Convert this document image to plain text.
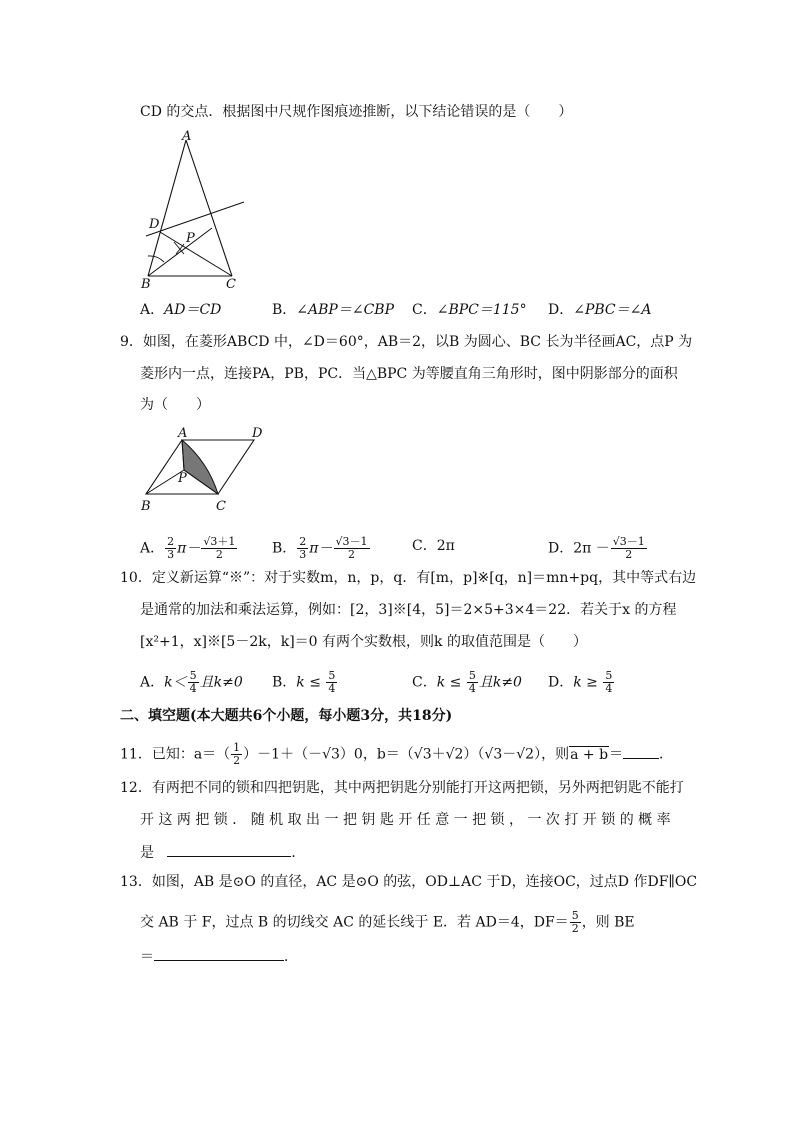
CD 的交点．根据图中尺规作图痕迹推断，以下结论错误的是（　　）
A
D
P
B	C
A．AD＝CD	B．∠ABP＝∠CBP C．∠BPC＝115° D．∠PBC＝∠A
9．如图，在菱形ABCD 中，∠D＝60°，AB＝2，以B 为圆心、BC 长为半径画AC，点P 为
菱形内一点，连接PA，PB，PC．当△BPC 为等腰直角三角形时，图中阴影部分的面积
为（　　）
A	D
P
B	C
A． $\frac{2}{3} \pi- \frac{√3+1}{2}$ B． $\frac{2}{3} \pi- \frac{√3-1}{2}$	C．2π	D．$2\pi - \frac{√3-1}{2}$
10．定义新运算“※”：对于实数m，n，p，q．有[m，p]※[q，n]＝mn+pq，其中等式右边
是通常的加法和乘法运算，例如：[2，3]※[4，5]＝2×5+3×4＝22．若关于x 的方程
[x²+1，x]※[5－2k，k]＝0 有两个实数根，则k 的取值范围是（　　）
A．$k< \frac{5}{4}$ 且k≠0 B．$k \le \frac{5}{4}$	C．$k \le \frac{5}{4}$ 且k≠0 D．$k \ge \frac{5}{4}$
二、填空题(本大题共6个小题，每小题3分，共18分)
11．已知：$a=( \frac{1}{2} )-1+(-√3)0$，b＝（√3＋√2）（√3－√2），则a + b＝	．
12．有两把不同的锁和四把钥匙，其中两把钥匙分别能打开这两把锁，另外两把钥匙不能打
开 这 两 把 锁 ． 随 机 取 出 一 把 钥 匙 开 任 意 一 把 锁 ， 一 次 打 开 锁 的 概 率
是	．
13．如图，AB 是⊙O 的直径，AC 是⊙O 的弦，OD⊥AC 于D，连接OC，过点D 作DF∥OC
交 AB 于 F，过点 B 的切线交 AC 的延长线于 E．若 AD＝4，$DF= \frac{5}{2}$ ，则 BE
＝	．
